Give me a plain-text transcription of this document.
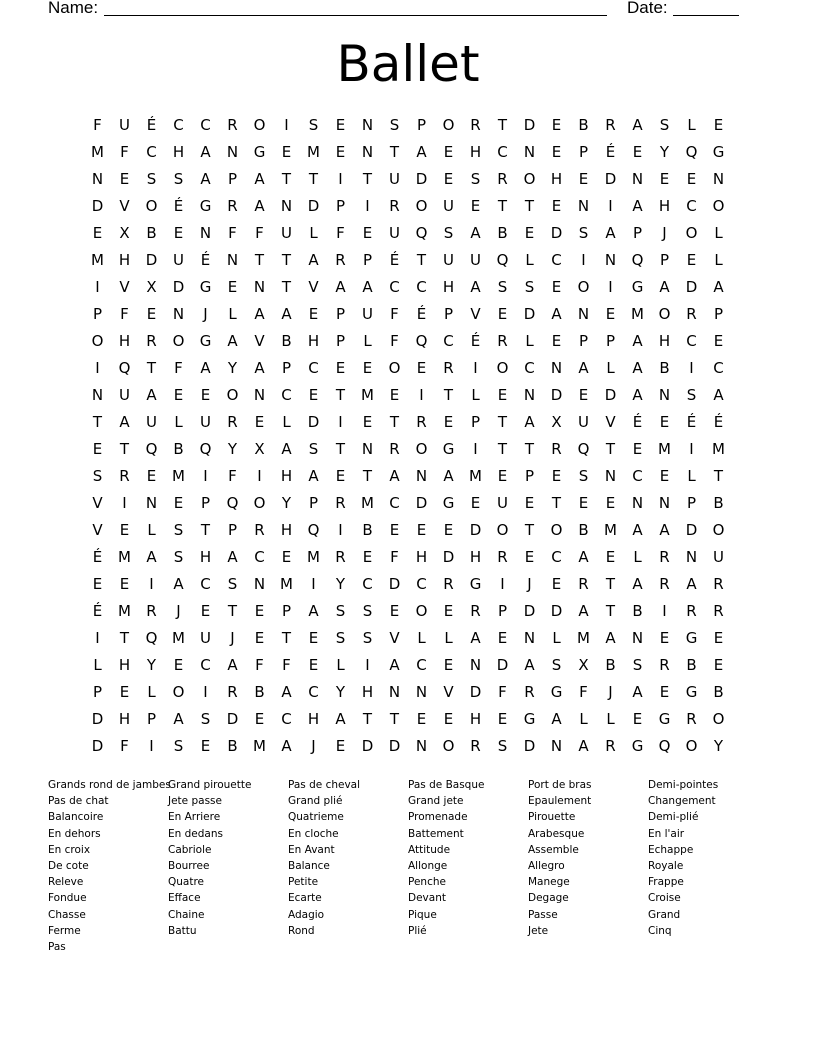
Name:	Date:
Ballet
F	U	É	C	C	R	O	I	S	E	N	S	P	O	R	T	D	E	B	R	A	S	L	E
M	F	C	H	A	N	G	E	M	E	N	T	A	E	H	C	N	E	P	É	E	Y	Q	G
N	E	S	S	A	P	A	T	T	I	T	U	D	E	S	R	O	H	E	D	N	E	E	N
D	V	O	É	G	R	A	N	D	P	I	R	O	U	E	T	T	E	N	I	A	H	C	O
E	X	B	E	N	F	F	U	L	F	E	U	Q	S	A	B	E	D	S	A	P	J	O	L
M H	D	U	É	N	T	T	A	R	P	É	T	U	U	Q	L	C	I	N	Q	P	E	L
I	V	X	D	G	E	N	T	V	A	A	C	C	H	A	S	S	E	O	I	G	A	D	A
P	F	E	N	J	L	A	A	E	P	U	F	É	P	V	E	D	A	N	E	M O	R	P
O	H	R	O	G	A	V	B	H	P	L	F	Q	C	É	R	L	E	P	P	A	H	C	E
I	Q	T	F	A	Y	A	P	C	E	E	O	E	R	I	O	C	N	A	L	A	B	I	C
N	U	A	E	E	O	N	C	E	T	M	E	I	T	L	E	N	D	E	D	A	N	S	A
T	A	U	L	U	R	E	L	D	I	E	T	R	E	P	T	A	X	U	V	É	E	É	É
E	T	Q	B	Q	Y	X	A	S	T	N	R	O	G	I	T	T	R	Q	T	E	M	I	M
S	R	E	M	I	F	I	H	A	E	T	A	N	A	M	E	P	E	S	N	C	E	L	T
V	I	N	E	P	Q	O	Y	P	R	M	C	D	G	E	U	E	T	E	E	N	N	P	B
V	E	L	S	T	P	R	H	Q	I	B	E	E	E	D	O	T	O	B	M	A	A	D	O
É	M	A	S	H	A	C	E	M	R	E	F	H	D	H	R	E	C	A	E	L	R	N	U
E	E	I	A	C	S	N M	I	Y	C	D	C	R	G	I	J	E	R	T	A	R	A	R
É	M	R	J	E	T	E	P	A	S	S	E	O	E	R	P	D	D	A	T	B	I	R	R
I	T	Q M	U	J	E	T	E	S	S	V	L	L	A	E	N	L	M	A	N	E	G	E
L	H	Y	E	C	A	F	F	E	L	I	A	C	E	N	D	A	S	X	B	S	R	B	E
P	E	L	O	I	R	B	A	C	Y	H	N	N	V	D	F	R	G	F	J	A	E	G	B
D	H	P	A	S	D	E	C	H	A	T	T	E	E	H	E	G	A	L	L	E	G	R	O
D	F	I	S	E	B	M	A	J	E	D	D	N	O	R	S	D	N	A	R	G	Q	O	Y
Grands rond de jambes
Pas de chat
Balancoire
En dehors
En croix
De cote
Releve
Fondue
Chasse
Ferme
Pas
Grand pirouette
Jete passe
En Arriere
En dedans
Cabriole
Bourree
Quatre
Efface
Chaine
Battu
Pas de cheval
Grand plié
Quatrieme
En cloche
En Avant
Balance
Petite
Ecarte
Adagio
Rond
Pas de Basque
Grand jete
Promenade
Battement
Attitude
Allonge
Penche
Devant
Pique
Plié
Port de bras
Epaulement
Pirouette
Arabesque
Assemble
Allegro
Manege
Degage
Passe
Jete
Demi-pointes
Changement
Demi-plié
En l'air
Echappe
Royale
Frappe
Croise
Grand
Cinq
